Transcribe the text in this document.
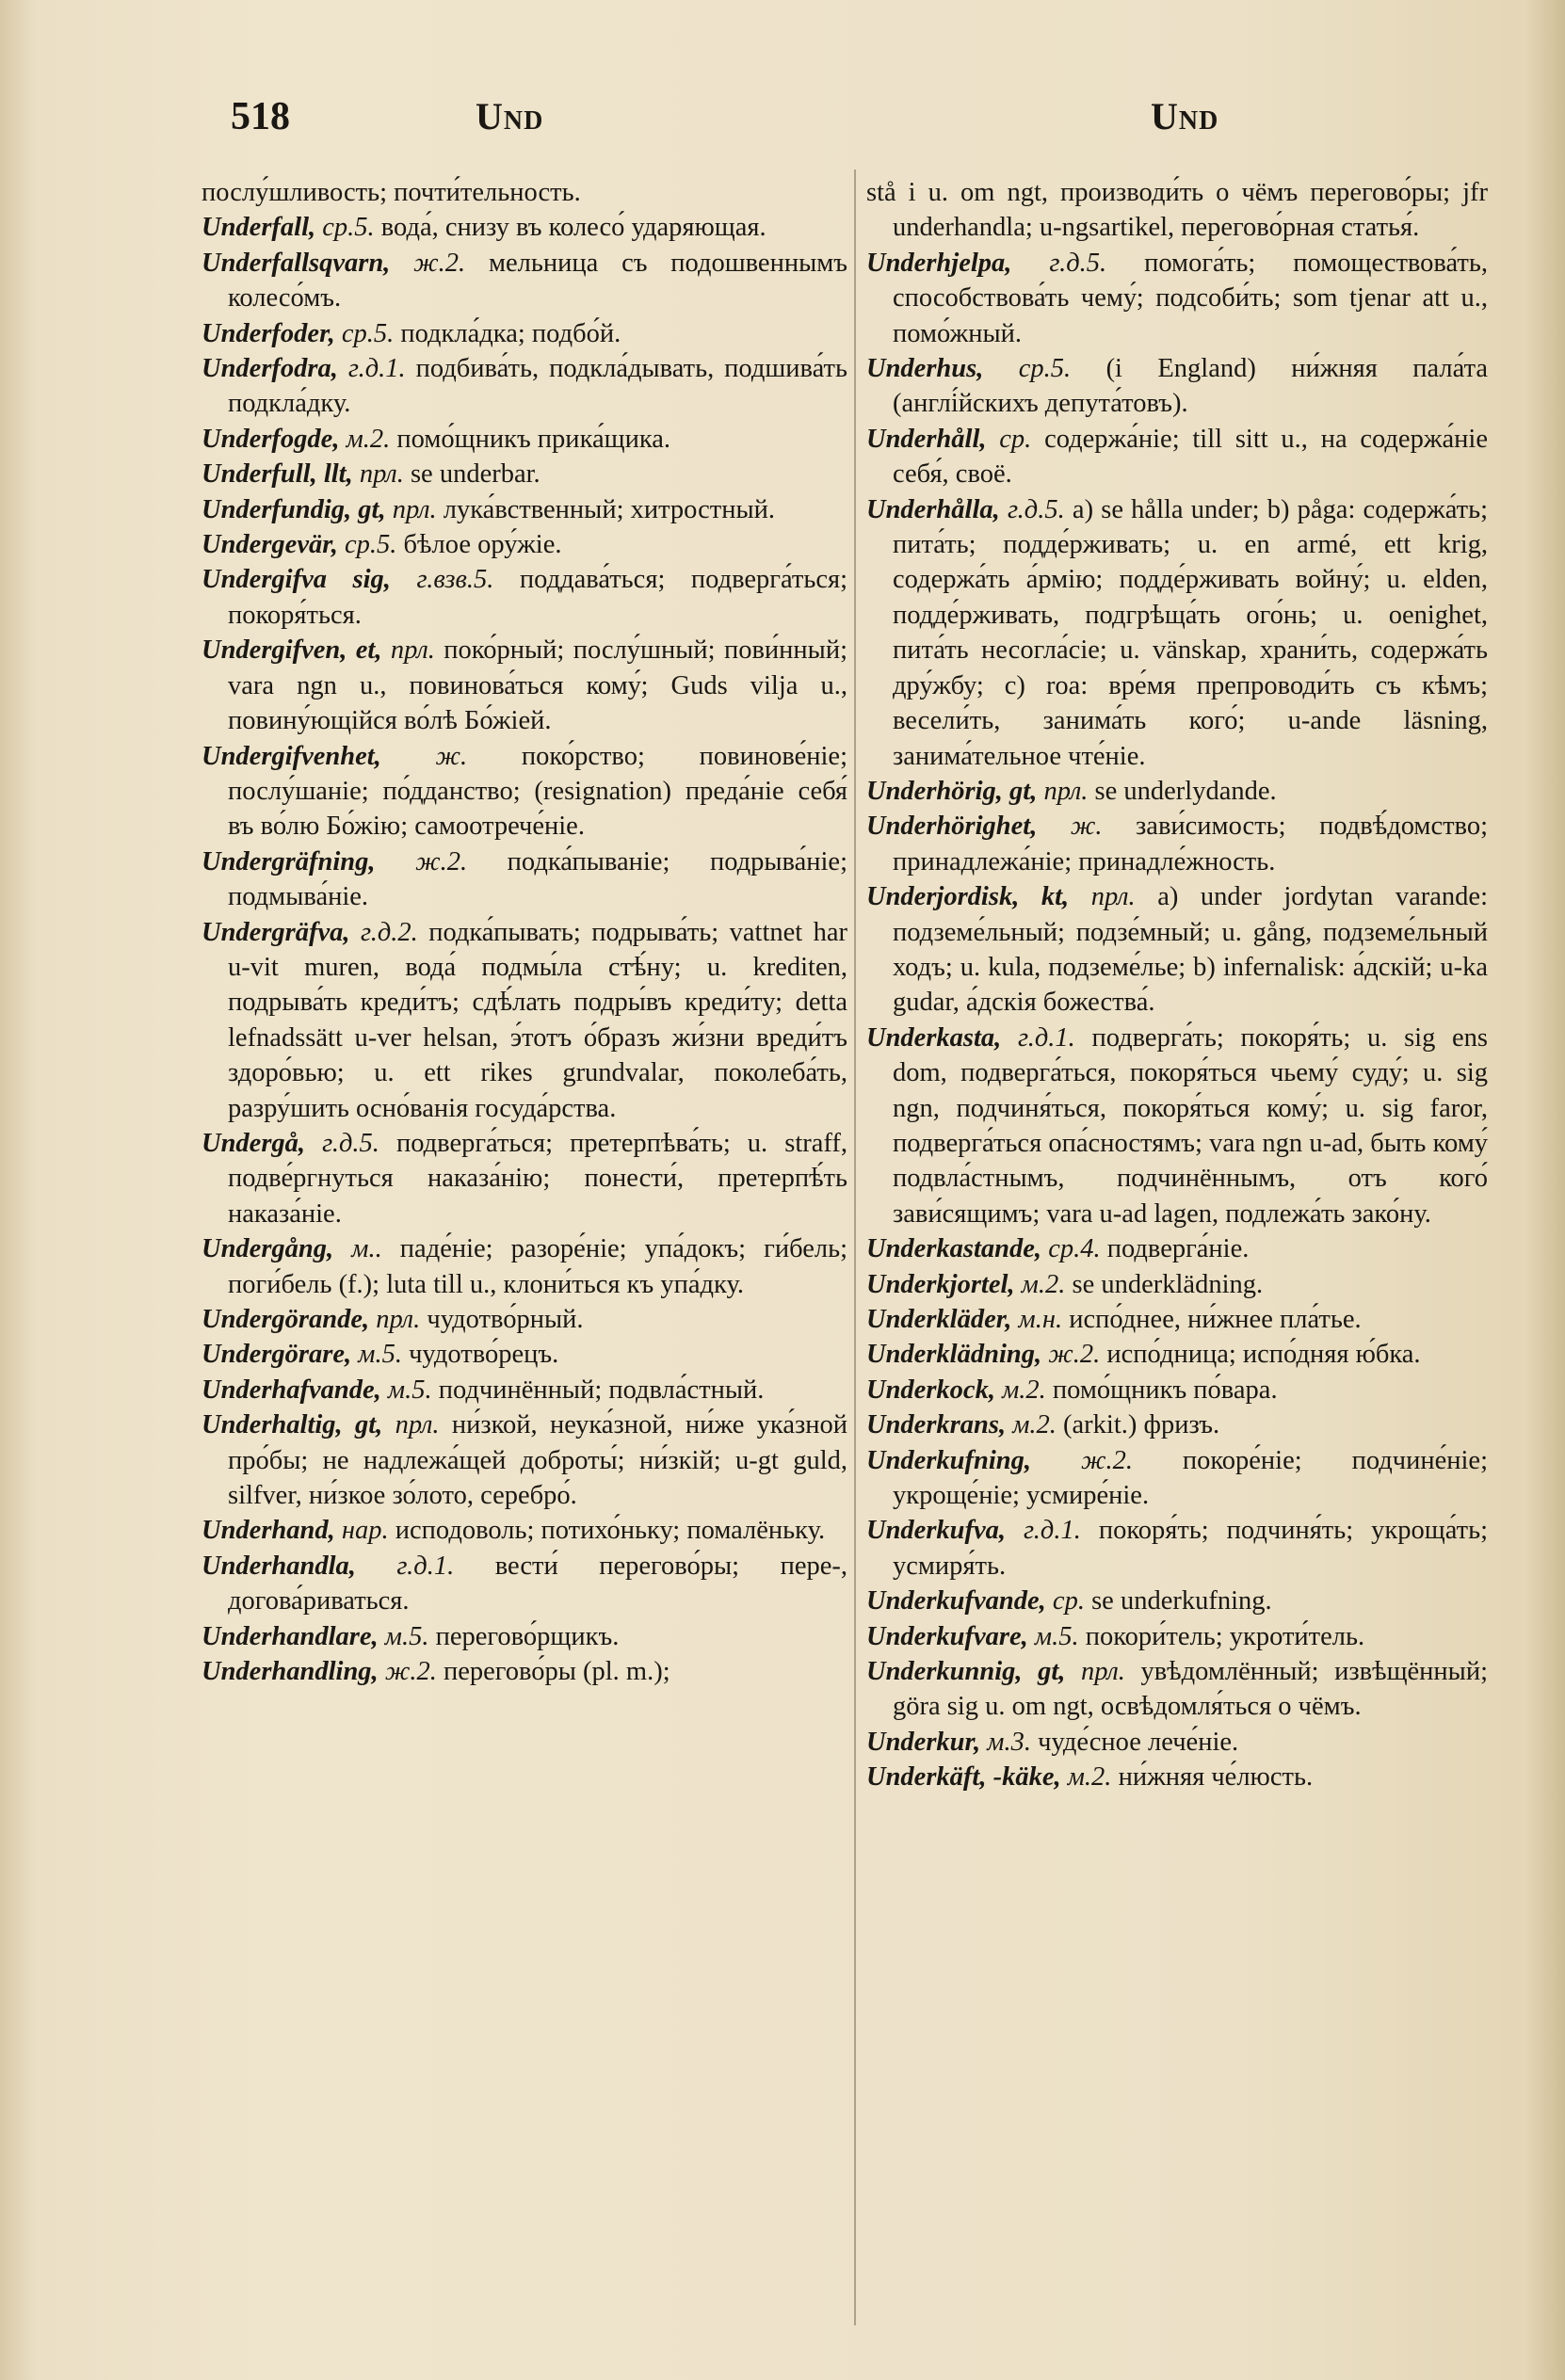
518	Und	Und

послу́шливость; почти́тельность.

Underfall, ср.5. вода́, снизу въ колесо́ ударяющая.

Underfallsqvarn, ж.2. мельница съ подошвеннымъ колесо́мъ.

Underfoder, ср.5. подкла́дка; подбо́й.

Underfodra, г.д.1. подбива́ть, подкла́дывать, подшива́ть подкла́дку.

Underfogde, м.2. помо́щникъ прика́щика.

Underfull, llt, прл. se underbar.

Underfundig, gt, прл. лука́вственный; хитростный.

Undergevär, ср.5. бѣлое ору́жіе.

Undergifva sig, г.взв.5. поддава́ться; подверга́ться; покоря́ться.

Undergifven, et, прл. поко́рный; послу́шный; пови́нный; vara ngn u., повинова́ться кому́; Guds vilja u., повину́ющійся во́лѣ Бо́жіей.

Undergifvenhet, ж. поко́рство; повинове́ніе; послу́шаніе; по́дданство; (resignation) преда́ніе себя́ въ во́лю Бо́жію; самоотрече́ніе.

Undergräfning, ж.2. подка́пываніе; подрыва́ніе; подмыва́ніе.

Undergräfva, г.д.2. подка́пывать; подрыва́ть; vattnet har u-vit muren, вода́ подмы́ла стѣ́ну; u. krediten, подрыва́ть креди́тъ; сдѣ́лать подры́въ креди́ту; detta lefnadssätt u-ver helsan, э́тотъ о́бразъ жи́зни вреди́тъ здоро́вью; u. ett rikes grundvalar, поколеба́ть, разру́шить осно́ванія госуда́рства.

Undergå, г.д.5. подверга́ться; претерпѣва́ть; u. straff, подве́ргнуться наказа́нію; понести́, претерпѣ́ть наказа́ніе.

Undergång, м.. паде́ніе; разоре́ніе; упа́докъ; ги́бель; поги́бель (f.); luta till u., клони́ться къ упа́дку.

Undergörande, прл. чудотво́рный.

Undergörare, м.5. чудотво́рецъ.

Underhafvande, м.5. подчинённый; подвла́стный.

Underhaltig, gt, прл. ни́зкой, неука́зной, ни́же ука́зной про́бы; не надлежа́щей доброты́; ни́зкій; u-gt guld, silfver, ни́зкое зо́лото, серебро́.

Underhand, нар. исподоволь; потихо́ньку; помалёньку.

Underhandla, г.д.1. вести́ перегово́ры; пере-, догова́риваться.

Underhandlare, м.5. перегово́рщикъ.

Underhandling, ж.2. перегово́ры (pl. m.);

stå i u. om ngt, производи́ть о чёмъ перегово́ры; jfr underhandla; u-ngsartikel, перегово́рная статья́.

Underhjelpa, г.д.5. помога́ть; помоществова́ть, способствова́ть чему́; подсоби́ть; som tjenar att u., помо́жный.

Underhus, ср.5. (i England) ни́жняя пала́та (англі́йскихъ депута́товъ).

Underhåll, ср. содержа́ніе; till sitt u., на содержа́ніе себя́, своё.

Underhålla, г.д.5. a) se hålla under; b) påga: содержа́ть; пита́ть; подде́рживать; u. en armé, ett krig, содержа́ть а́рмію; подде́рживать войну́; u. elden, подде́рживать, подгрѣща́ть ого́нь; u. oenighet, пита́ть несогла́сіе; u. vänskap, храни́ть, содержа́ть дру́жбу; c) roa: вре́мя препроводи́ть съ кѣмъ; весели́ть, занима́ть кого́; u-ande läsning, занима́тельное чте́ніе.

Underhörig, gt, прл. se underlydande.

Underhörighet, ж. зави́симость; подвѣ́домство; принадлежа́ніе; принадле́жность.

Underjordisk, kt, прл. a) under jordytan varande: подземе́льный; подзе́мный; u. gång, подземе́льный ходъ; u. kula, подземе́лье; b) infernalisk: а́дскій; u-ka gudar, а́дскія божества́.

Underkasta, г.д.1. подверга́ть; покоря́ть; u. sig ens dom, подверга́ться, покоря́ться чьему́ суду́; u. sig ngn, подчиня́ться, покоря́ться кому́; u. sig faror, подверга́ться опа́сностямъ; vara ngn u-ad, быть кому́ подвла́стнымъ, подчинённымъ, отъ кого́ зави́сящимъ; vara u-ad lagen, подлежа́ть зако́ну.

Underkastande, ср.4. подверга́ніе.

Underkjortel, м.2. se underklädning.

Underkläder, м.н. испо́днее, ни́жнее пла́тье.

Underklädning, ж.2. испо́дница; испо́дняя ю́бка.

Underkock, м.2. помо́щникъ по́вара.

Underkrans, м.2. (arkit.) фризъ.

Underkufning, ж.2. покоре́ніе; подчине́ніе; укроще́ніе; усмире́ніе.

Underkufva, г.д.1. покоря́ть; подчиня́ть; укроща́ть; усмиря́ть.

Underkufvande, ср. se underkufning.

Underkufvare, м.5. покори́тель; укроти́тель.

Underkunnig, gt, прл. увѣдомлённый; извѣщённый; göra sig u. om ngt, освѣдомля́ться о чёмъ.

Underkur, м.3. чуде́сное лече́ніе.

Underkäft, -käke, м.2. ни́жняя че́люсть.
